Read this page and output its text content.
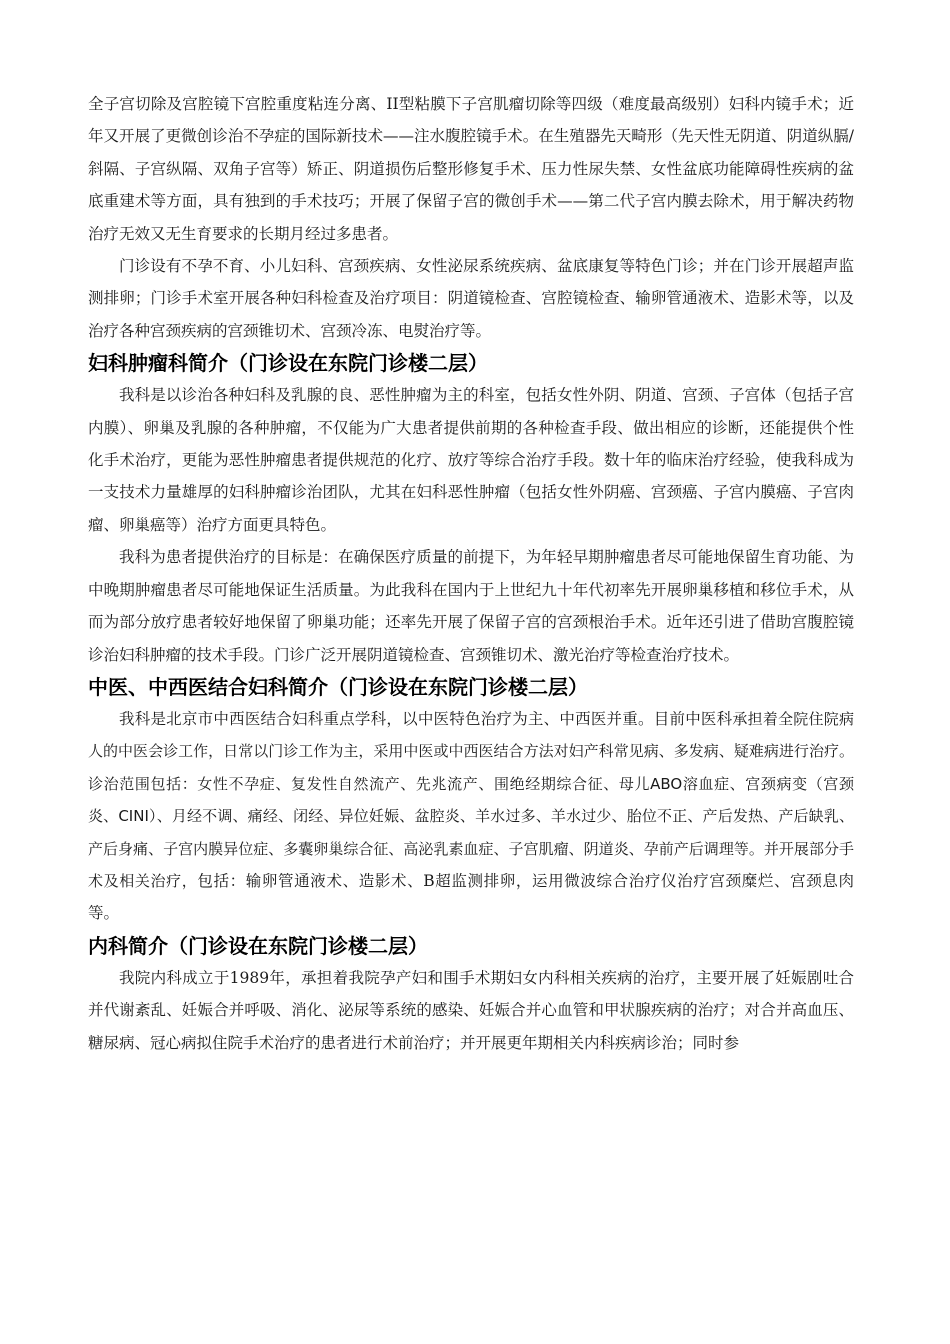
全子宫切除及宫腔镜下宫腔重度粘连分离、II型粘膜下子宫肌瘤切除等四级（难度最高级别）妇科内镜手术；近年又开展了更微创诊治不孕症的国际新技术——注水腹腔镜手术。在生殖器先天畸形（先天性无阴道、阴道纵膈/斜隔、子宫纵隔、双角子宫等）矫正、阴道损伤后整形修复手术、压力性尿失禁、女性盆底功能障碍性疾病的盆底重建术等方面，具有独到的手术技巧；开展了保留子宫的微创手术——第二代子宫内膜去除术，用于解决药物治疗无效又无生育要求的长期月经过多患者。

门诊设有不孕不育、小儿妇科、宫颈疾病、女性泌尿系统疾病、盆底康复等特色门诊；并在门诊开展超声监测排卵；门诊手术室开展各种妇科检查及治疗项目：阴道镜检查、宫腔镜检查、输卵管通液术、造影术等，以及治疗各种宫颈疾病的宫颈锥切术、宫颈冷冻、电熨治疗等。

妇科肿瘤科简介（门诊设在东院门诊楼二层）

我科是以诊治各种妇科及乳腺的良、恶性肿瘤为主的科室，包括女性外阴、阴道、宫颈、子宫体（包括子宫内膜）、卵巢及乳腺的各种肿瘤，不仅能为广大患者提供前期的各种检查手段、做出相应的诊断，还能提供个性化手术治疗，更能为恶性肿瘤患者提供规范的化疗、放疗等综合治疗手段。数十年的临床治疗经验，使我科成为一支技术力量雄厚的妇科肿瘤诊治团队，尤其在妇科恶性肿瘤（包括女性外阴癌、宫颈癌、子宫内膜癌、子宫肉瘤、卵巢癌等）治疗方面更具特色。

我科为患者提供治疗的目标是：在确保医疗质量的前提下，为年轻早期肿瘤患者尽可能地保留生育功能、为中晚期肿瘤患者尽可能地保证生活质量。为此我科在国内于上世纪九十年代初率先开展卵巢移植和移位手术，从而为部分放疗患者较好地保留了卵巢功能；还率先开展了保留子宫的宫颈根治手术。近年还引进了借助宫腹腔镜诊治妇科肿瘤的技术手段。门诊广泛开展阴道镜检查、宫颈锥切术、激光治疗等检查治疗技术。

中医、中西医结合妇科简介（门诊设在东院门诊楼二层）

我科是北京市中西医结合妇科重点学科，以中医特色治疗为主、中西医并重。目前中医科承担着全院住院病人的中医会诊工作，日常以门诊工作为主，采用中医或中西医结合方法对妇产科常见病、多发病、疑难病进行治疗。诊治范围包括：女性不孕症、复发性自然流产、先兆流产、围绝经期综合征、母儿ABO溶血症、宫颈病变（宫颈炎、CINI）、月经不调、痛经、闭经、异位妊娠、盆腔炎、羊水过多、羊水过少、胎位不正、产后发热、产后缺乳、产后身痛、子宫内膜异位症、多囊卵巢综合征、高泌乳素血症、子宫肌瘤、阴道炎、孕前产后调理等。并开展部分手术及相关治疗，包括：输卵管通液术、造影术、B超监测排卵，运用微波综合治疗仪治疗宫颈糜烂、宫颈息肉等。

内科简介（门诊设在东院门诊楼二层）

我院内科成立于1989年，承担着我院孕产妇和围手术期妇女内科相关疾病的治疗，主要开展了妊娠剧吐合并代谢紊乱、妊娠合并呼吸、消化、泌尿等系统的感染、妊娠合并心血管和甲状腺疾病的治疗；对合并高血压、糖尿病、冠心病拟住院手术治疗的患者进行术前治疗；并开展更年期相关内科疾病诊治；同时参
